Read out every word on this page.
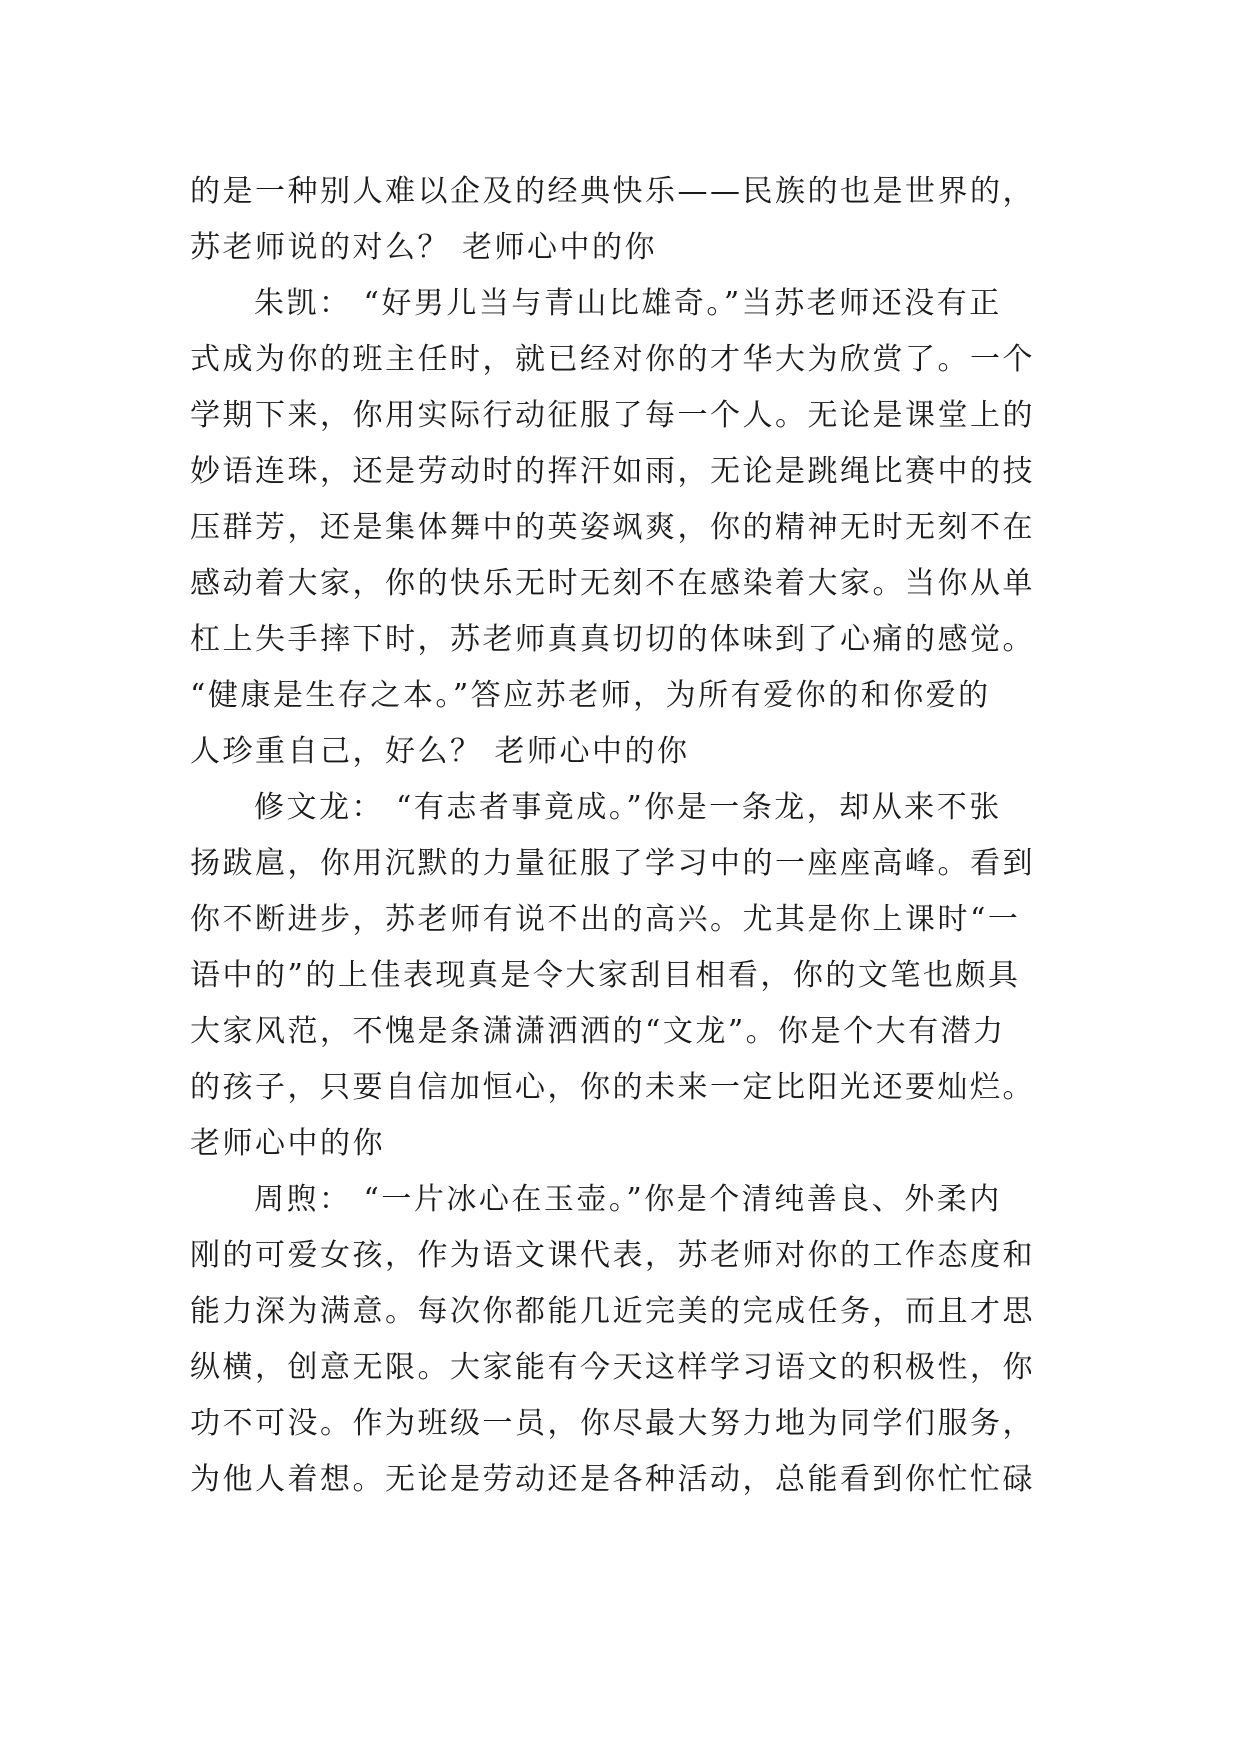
的是一种别人难以企及的经典快乐——民族的也是世界的，
苏老师说的对么？ 老师心中的你
朱凯： “好男儿当与青山比雄奇。”当苏老师还没有正
式成为你的班主任时，就已经对你的才华大为欣赏了。一个
学期下来，你用实际行动征服了每一个人。无论是课堂上的
妙语连珠，还是劳动时的挥汗如雨，无论是跳绳比赛中的技
压群芳，还是集体舞中的英姿飒爽，你的精神无时无刻不在
感动着大家，你的快乐无时无刻不在感染着大家。当你从单
杠上失手摔下时，苏老师真真切切的体味到了心痛的感觉。
“健康是生存之本。”答应苏老师，为所有爱你的和你爱的
人珍重自己，好么？ 老师心中的你
修文龙： “有志者事竟成。”你是一条龙，却从来不张
扬跋扈，你用沉默的力量征服了学习中的一座座高峰。看到
你不断进步，苏老师有说不出的高兴。尤其是你上课时“一
语中的”的上佳表现真是令大家刮目相看，你的文笔也颇具
大家风范，不愧是条潇潇洒洒的“文龙”。你是个大有潜力
的孩子，只要自信加恒心，你的未来一定比阳光还要灿烂。
老师心中的你
周煦： “一片冰心在玉壶。”你是个清纯善良、外柔内
刚的可爱女孩，作为语文课代表，苏老师对你的工作态度和
能力深为满意。每次你都能几近完美的完成任务，而且才思
纵横，创意无限。大家能有今天这样学习语文的积极性，你
功不可没。作为班级一员，你尽最大努力地为同学们服务，
为他人着想。无论是劳动还是各种活动，总能看到你忙忙碌
